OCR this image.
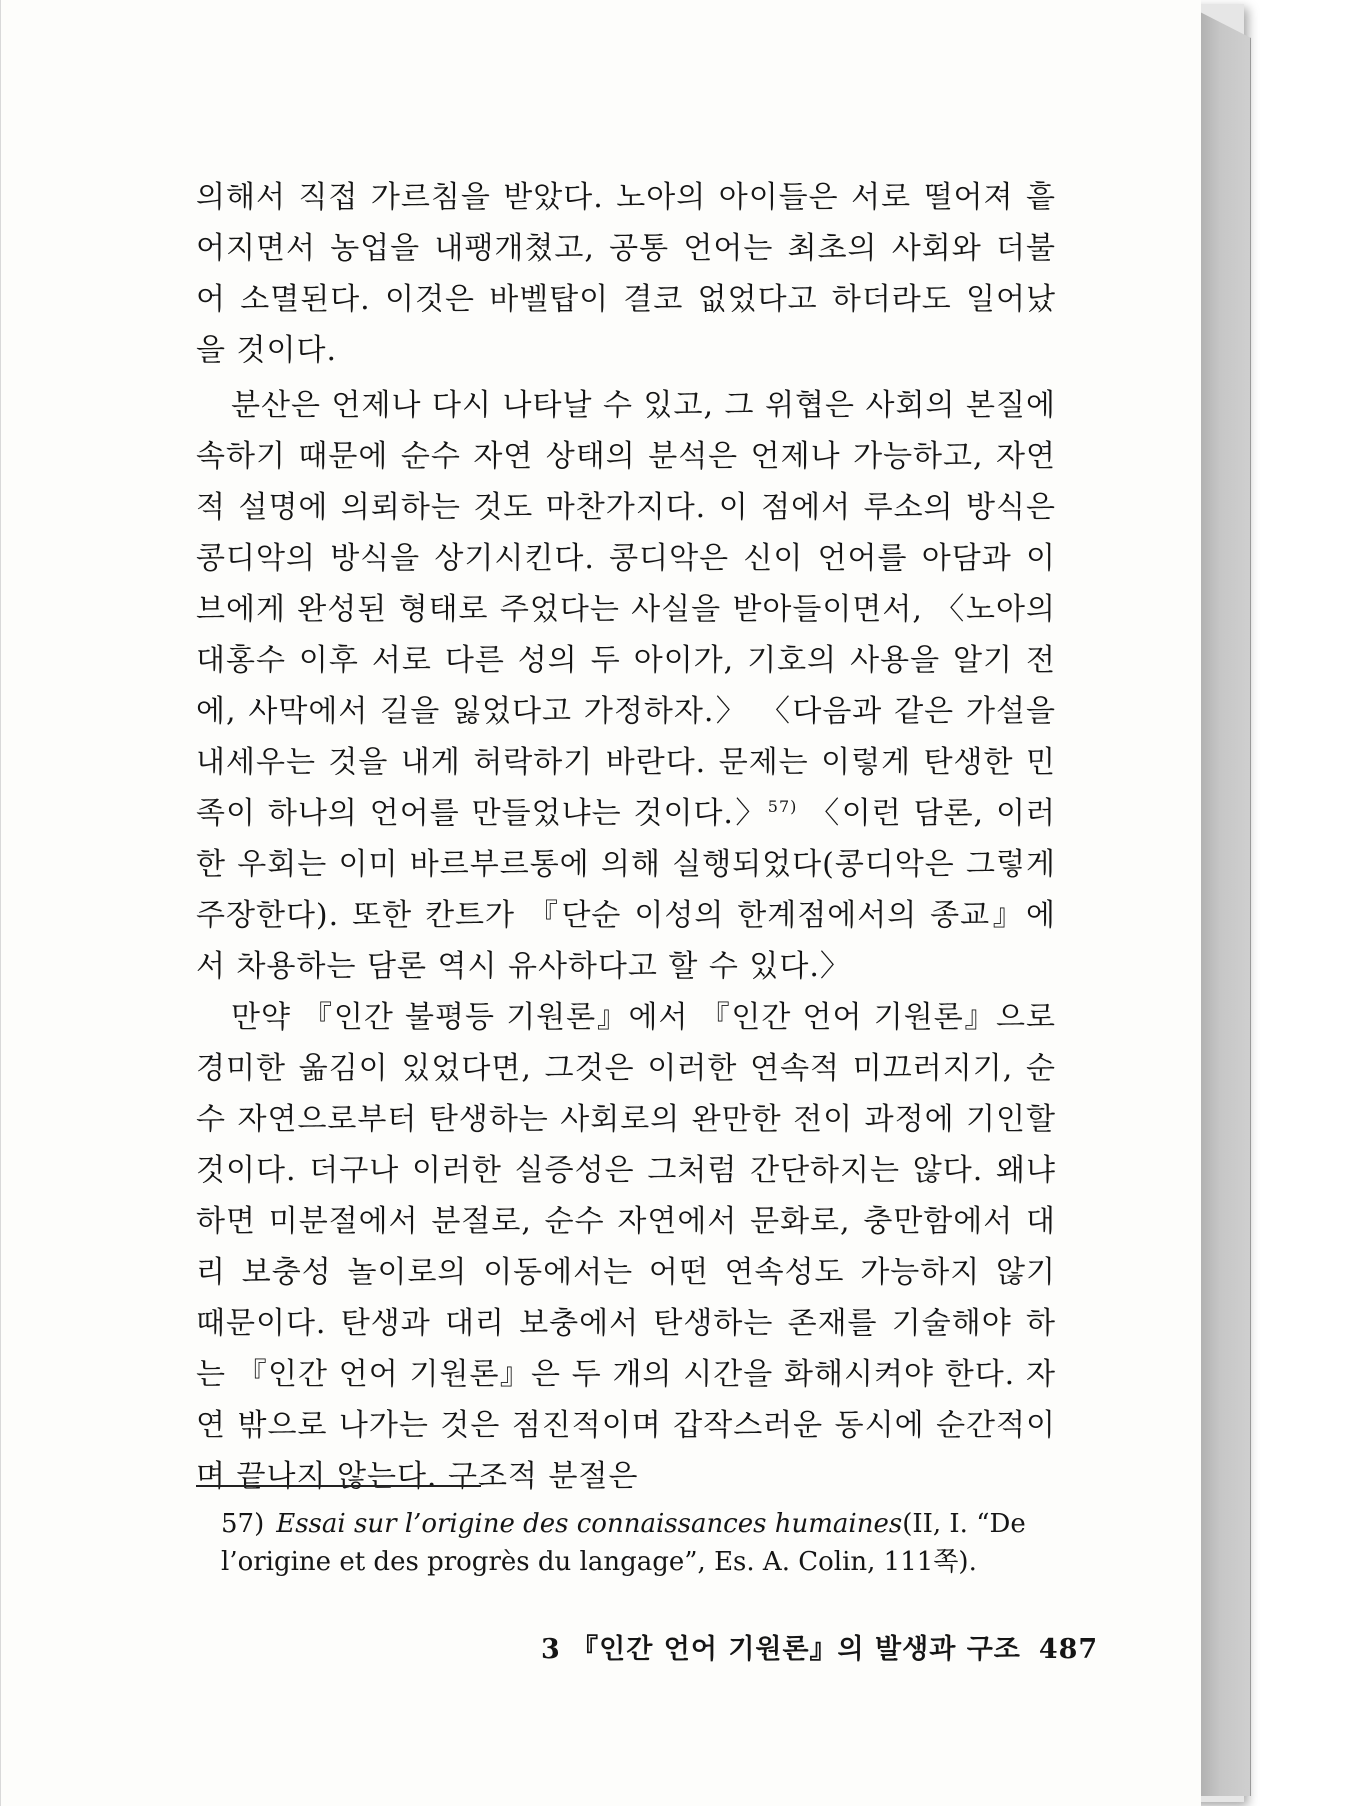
의해서 직접 가르침을 받았다. 노아의 아이들은 서로 떨어져 흩어지면서 농업을 내팽개쳤고, 공통 언어는 최초의 사회와 더불어 소멸된다. 이것은 바벨탑이 결코 없었다고 하더라도 일어났을 것이다.

분산은 언제나 다시 나타날 수 있고, 그 위협은 사회의 본질에 속하기 때문에 순수 자연 상태의 분석은 언제나 가능하고, 자연적 설명에 의뢰하는 것도 마찬가지다. 이 점에서 루소의 방식은 콩디악의 방식을 상기시킨다. 콩디악은 신이 언어를 아담과 이브에게 완성된 형태로 주었다는 사실을 받아들이면서, 〈노아의 대홍수 이후 서로 다른 성의 두 아이가, 기호의 사용을 알기 전에, 사막에서 길을 잃었다고 가정하자.〉 〈다음과 같은 가설을 내세우는 것을 내게 허락하기 바란다. 문제는 이렇게 탄생한 민족이 하나의 언어를 만들었냐는 것이다.〉$^{57)}$ 〈이런 담론, 이러한 우회는 이미 바르부르통에 의해 실행되었다(콩디악은 그렇게 주장한다). 또한 칸트가 『단순 이성의 한계점에서의 종교』에서 차용하는 담론 역시 유사하다고 할 수 있다.〉

만약 『인간 불평등 기원론』에서 『인간 언어 기원론』으로 경미한 옮김이 있었다면, 그것은 이러한 연속적 미끄러지기, 순수 자연으로부터 탄생하는 사회로의 완만한 전이 과정에 기인할 것이다. 더구나 이러한 실증성은 그처럼 간단하지는 않다. 왜냐하면 미분절에서 분절로, 순수 자연에서 문화로, 충만함에서 대리 보충성 놀이로의 이동에서는 어떤 연속성도 가능하지 않기 때문이다. 탄생과 대리 보충에서 탄생하는 존재를 기술해야 하는 『인간 언어 기원론』은 두 개의 시간을 화해시켜야 한다. 자연 밖으로 나가는 것은 점진적이며 갑작스러운 동시에 순간적이며 끝나지 않는다. 구조적 분절은

57) Essai sur l’origine des connaissances humaines(II, I. “De l’origine et des progrès du langage”, Es. A. Colin, 111쪽).
3 『인간 언어 기원론』의 발생과 구조 487
